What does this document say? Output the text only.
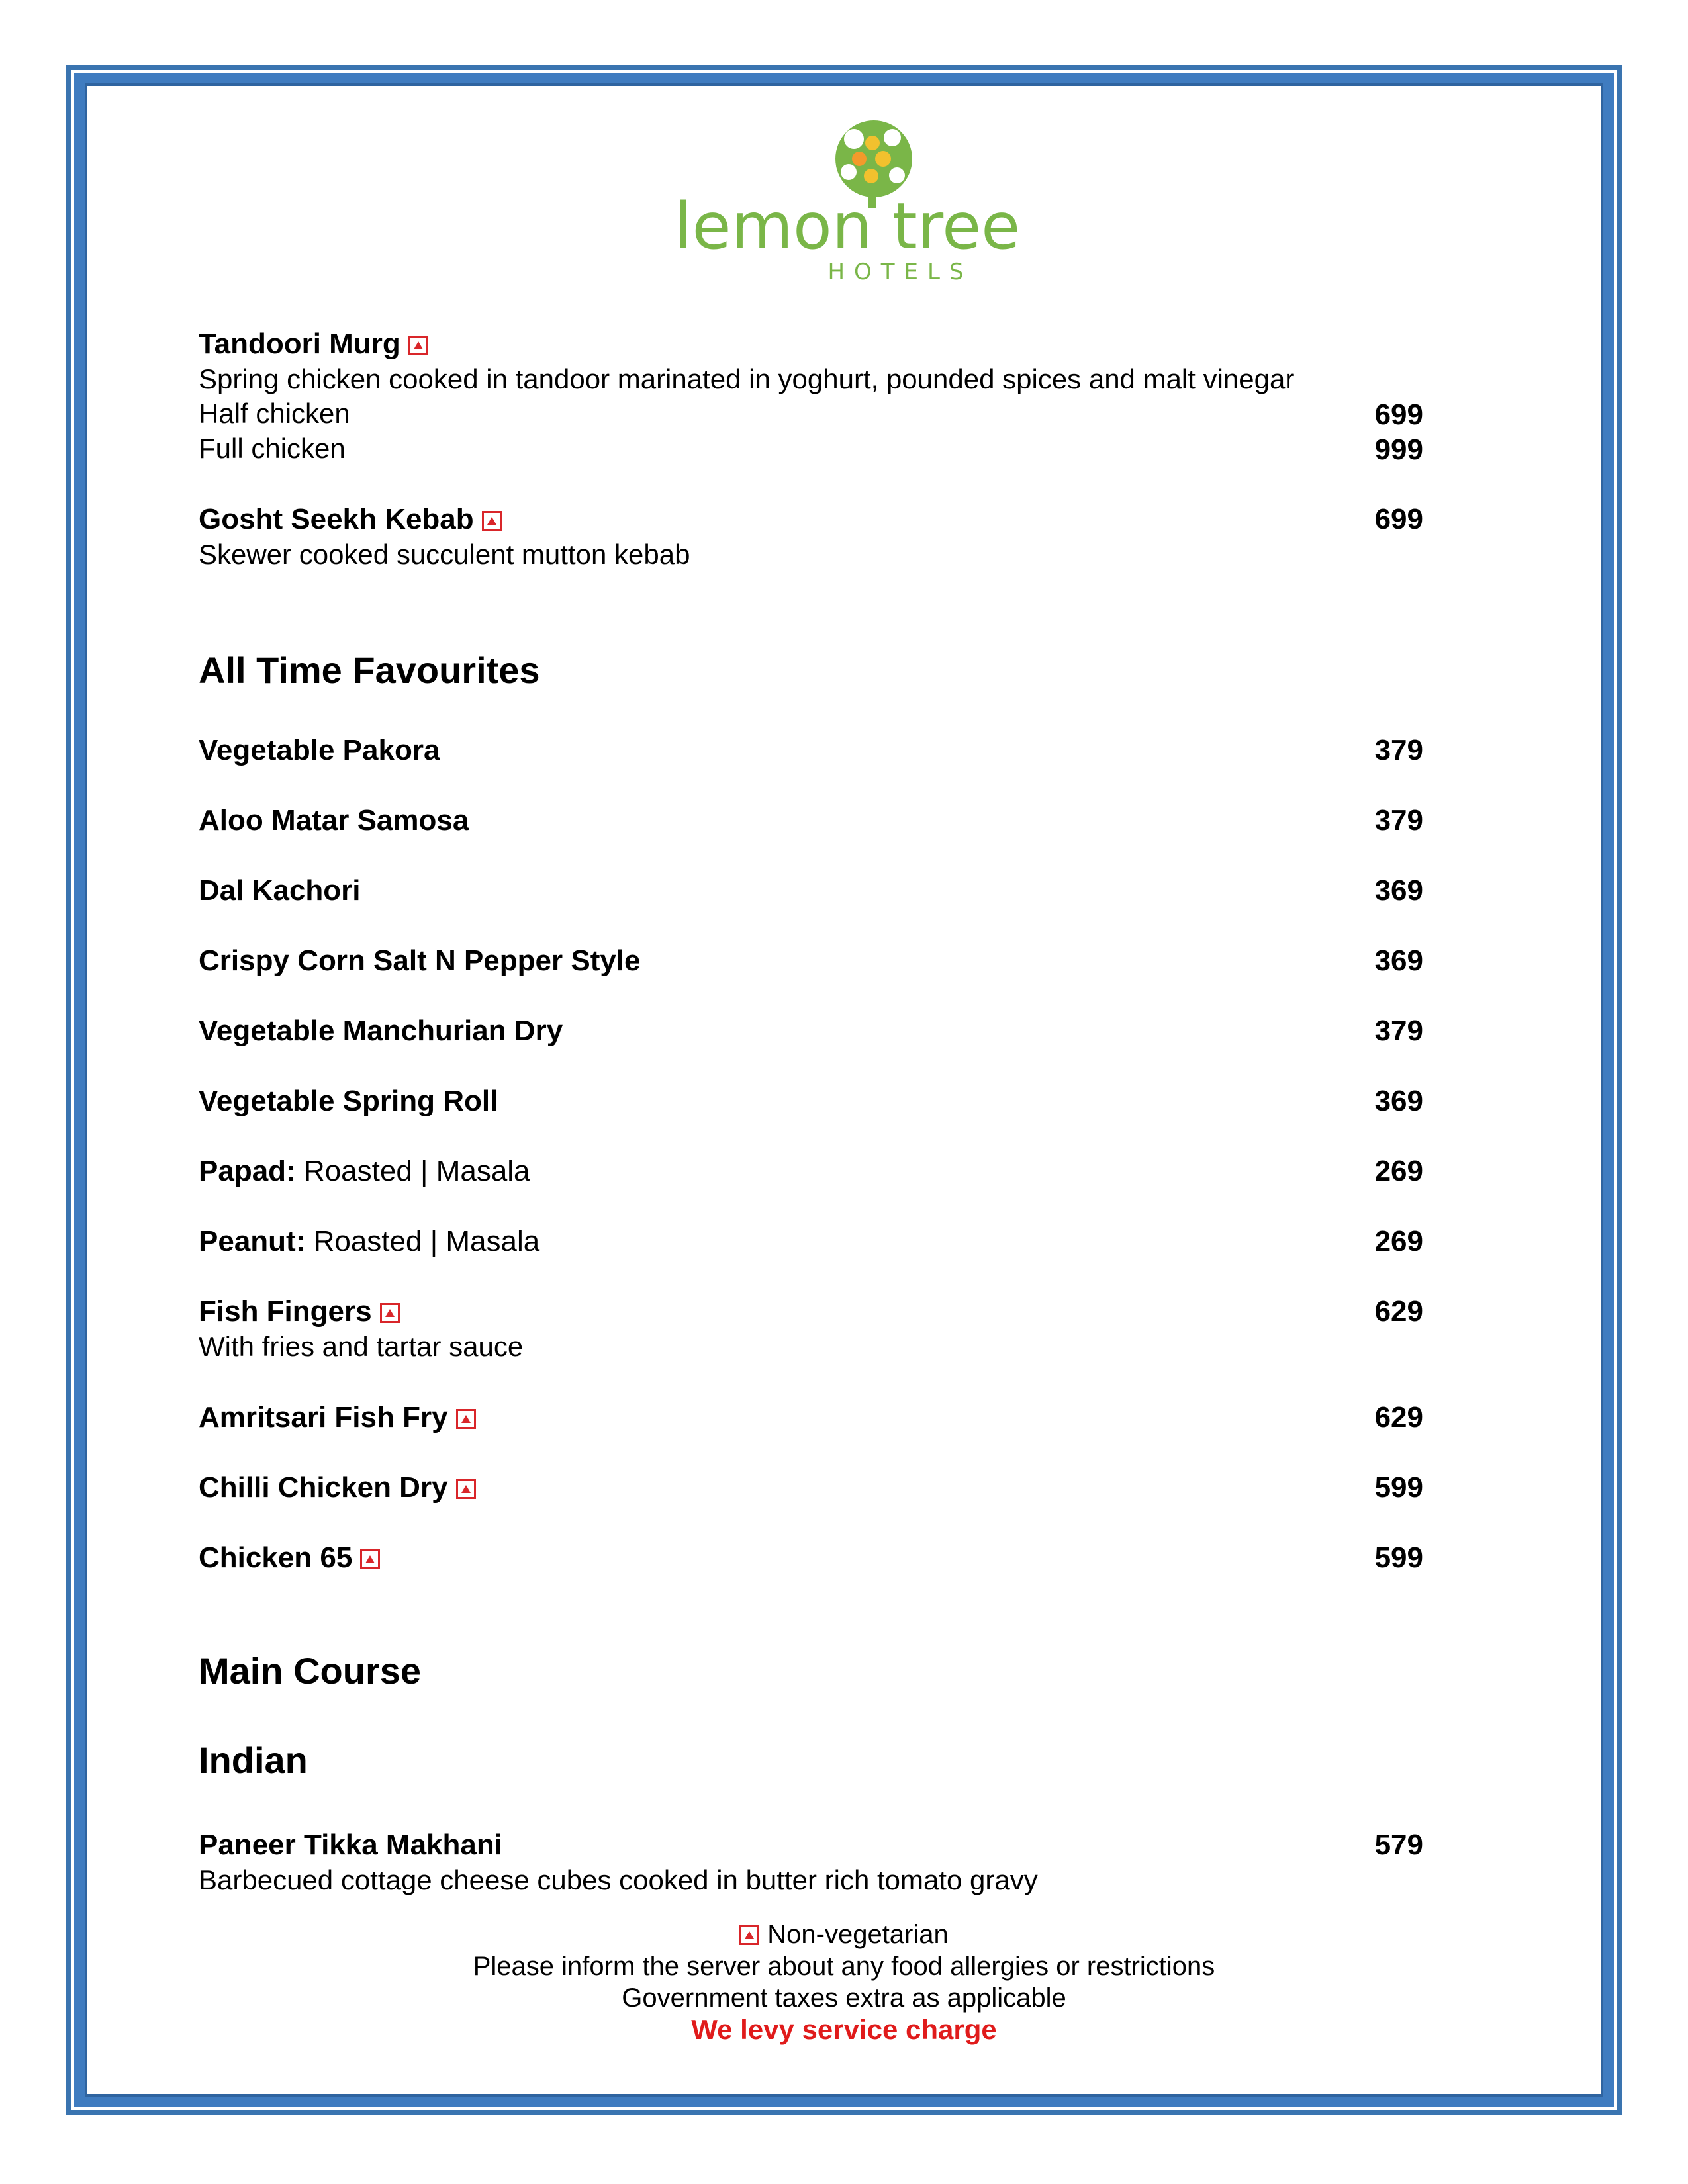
lemon tree
HOTELS
Tandoori Murg
Spring chicken cooked in tandoor marinated in yoghurt, pounded spices and malt vinegar
Half chicken	699
Full chicken	999
Gosht Seekh Kebab	699
Skewer cooked succulent mutton kebab
All Time Favourites
Vegetable Pakora	379
Aloo Matar Samosa	379
Dal Kachori	369
Crispy Corn Salt N Pepper Style	369
Vegetable Manchurian Dry	379
Vegetable Spring Roll	369
Papad: Roasted | Masala	269
Peanut: Roasted | Masala	269
Fish Fingers	629
With fries and tartar sauce
Amritsari Fish Fry	629
Chilli Chicken Dry	599
Chicken 65	599
Main Course
Indian
Paneer Tikka Makhani	579
Barbecued cottage cheese cubes cooked in butter rich tomato gravy
Non-vegetarian
Please inform the server about any food allergies or restrictions
Government taxes extra as applicable
We levy service charge
